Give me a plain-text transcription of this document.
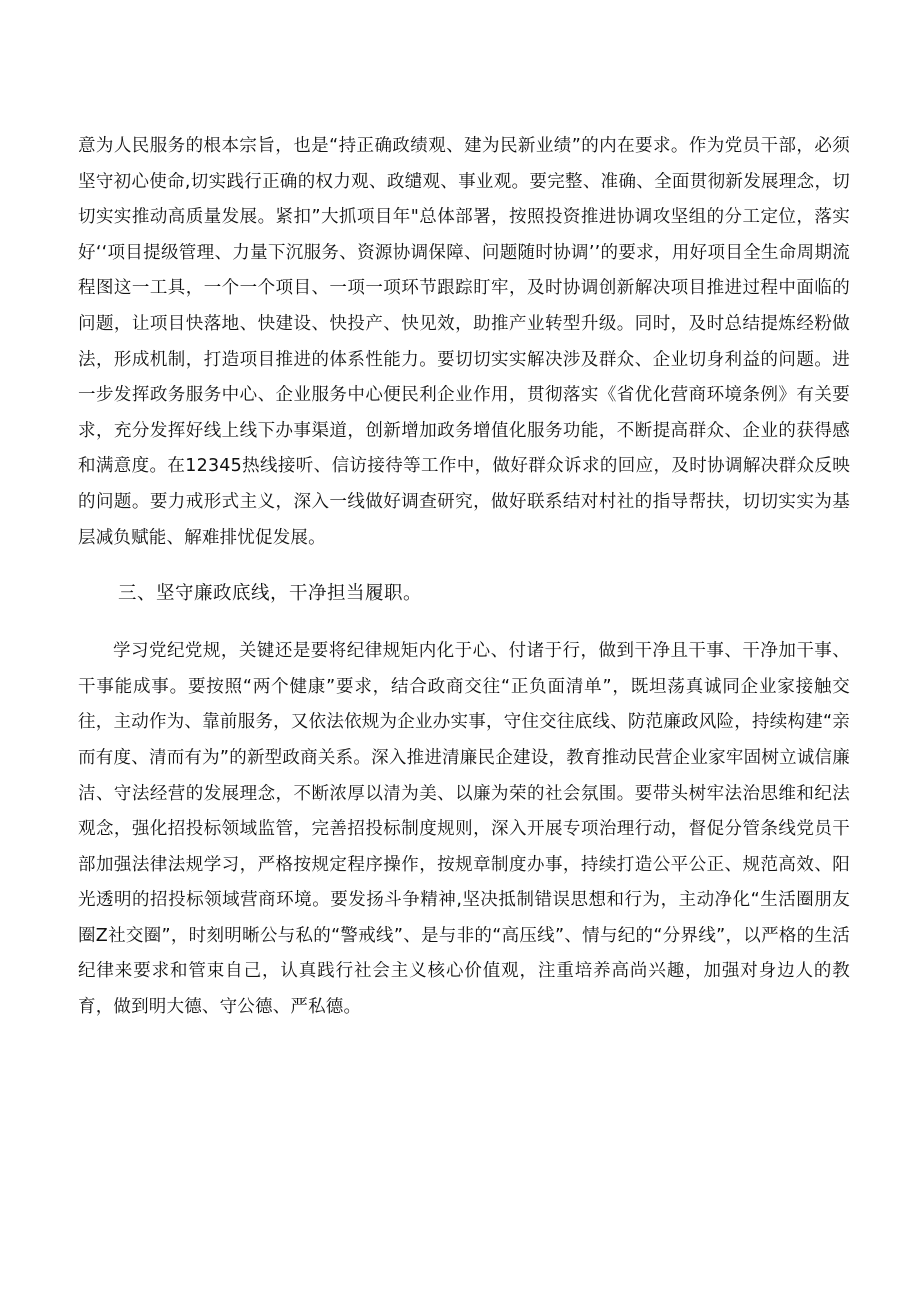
意为人民服务的根本宗旨，也是“持正确政绩观、建为民新业绩”的内在要求。作为党员干部，必须坚守初心使命,切实践行正确的权力观、政缱观、事业观。要完整、准确、全面贯彻新发展理念，切切实实推动高质量发展。紧扣”大抓项目年"总体部署，按照投资推进协调攻坚组的分工定位，落实好‘‘项目提级管理、力量下沉服务、资源协调保障、问题随时协调’’的要求，用好项目全生命周期流程图这一工具，一个一个项目、一项一项环节跟踪盯牢，及时协调创新解决项目推进过程中面临的问题，让项目快落地、快建设、快投产、快见效，助推产业转型升级。同时，及时总结提炼经粉做法，形成机制，打造项目推进的体系性能力。要切切实实解决涉及群众、企业切身利益的问题。进一步发挥政务服务中心、企业服务中心便民利企业作用，贯彻落实《省优化营商环境条例》有关要求，充分发挥好线上线下办事渠道，创新增加政务增值化服务功能，不断提高群众、企业的获得感和满意度。在12345热线接听、信访接待等工作中，做好群众诉求的回应，及时协调解决群众反映的问题。要力戒形式主义，深入一线做好调查研究，做好联系结对村社的指导帮扶，切切实实为基层减负赋能、解难排忧促发展。

三、坚守廉政底线，干净担当履职。

学习党纪党规，关键还是要将纪律规矩内化于心、付诸于行，做到干净且干事、干净加干事、干事能成事。要按照“两个健康”要求，结合政商交往“正负面清单”，既坦荡真诚同企业家接触交往，主动作为、靠前服务，又依法依规为企业办实事，守住交往底线、防范廉政风险，持续构建“亲而有度、清而有为”的新型政商关系。深入推进清廉民企建设，教育推动民营企业家牢固树立诚信廉洁、守法经营的发展理念，不断浓厚以清为美、以廉为荣的社会氛围。要带头树牢法治思维和纪法观念，强化招投标领域监管，完善招投标制度规则，深入开展专项治理行动，督促分管条线党员干部加强法律法规学习，严格按规定程序操作，按规章制度办事，持续打造公平公正、规范高效、阳光透明的招投标领域营商环境。要发扬斗争精神,坚决抵制错误思想和行为，主动净化“生活圈朋友圈Z社交圈”，时刻明晰公与私的“警戒线”、是与非的“高压线”、情与纪的“分界线”，以严格的生活纪律来要求和管束自己，认真践行社会主义核心价值观，注重培养高尚兴趣，加强对身边人的教育，做到明大德、守公德、严私德。
